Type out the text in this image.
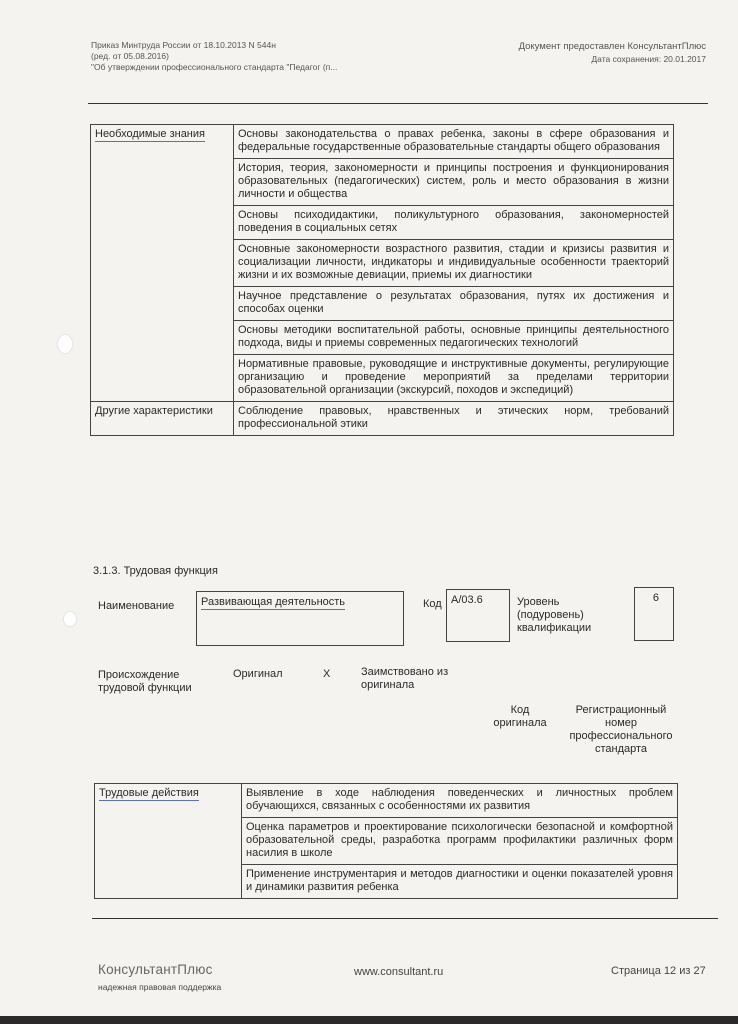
Приказ Минтруда России от 18.10.2013 N 544н
(ред. от 05.08.2016)
"Об утверждении профессионального стандарта "Педагог (п...
Документ предоставлен КонсультантПлюс
Дата сохранения: 20.01.2017
Необходимые знания	Основы законодательства о правах ребенка, законы в сфере образования и федеральные государственные образовательные стандарты общего образования
	История, теория, закономерности и принципы построения и функционирования образовательных (педагогических) систем, роль и место образования в жизни личности и общества
	Основы психодидактики, поликультурного образования, закономерностей поведения в социальных сетях
	Основные закономерности возрастного развития, стадии и кризисы развития и социализации личности, индикаторы и индивидуальные особенности траекторий жизни и их возможные девиации, приемы их диагностики
	Научное представление о результатах образования, путях их достижения и способах оценки
	Основы методики воспитательной работы, основные принципы деятельностного подхода, виды и приемы современных педагогических технологий
	Нормативные правовые, руководящие и инструктивные документы, регулирующие организацию и проведение мероприятий за пределами территории образовательной организации (экскурсий, походов и экспедиций)
Другие характеристики	Соблюдение правовых, нравственных и этических норм, требований профессиональной этики
3.1.3. Трудовая функция
Наименование	Развивающая деятельность	Код A/03.6	Уровень (подуровень) квалификации
6
Происхождение трудовой функции
Оригинал	X	Заимствовано из оригинала
Код оригинала
Регистрационный номер профессионального стандарта
Трудовые действия	Выявление в ходе наблюдения поведенческих и личностных проблем обучающихся, связанных с особенностями их развития
Оценка параметров и проектирование психологически безопасной и комфортной образовательной среды, разработка программ профилактики различных форм насилия в школе
Применение инструментария и методов диагностики и оценки показателей уровня и динамики развития ребенка
КонсультантПлюс
надежная правовая поддержка
www.consultant.ru	Страница 12 из 27
